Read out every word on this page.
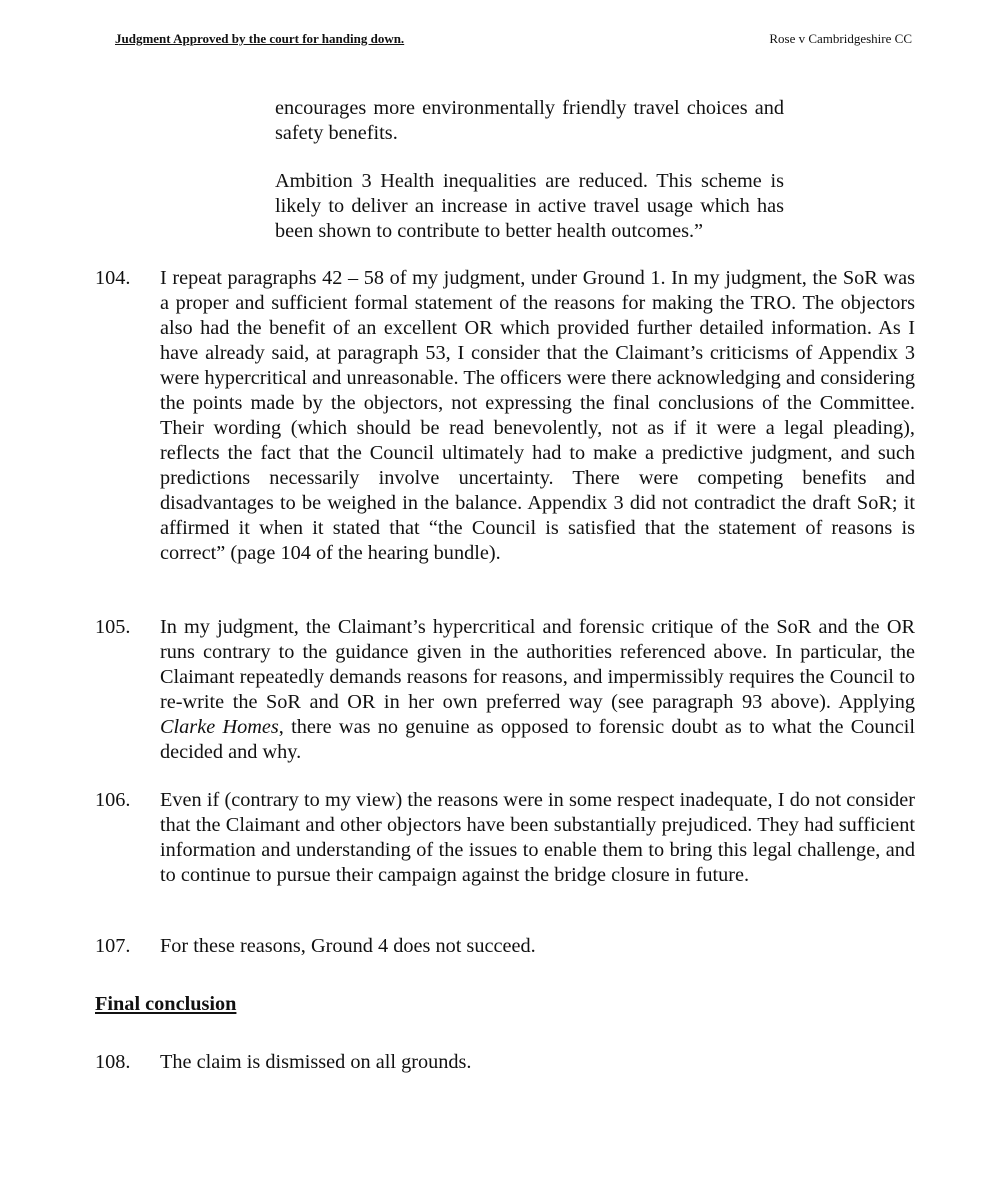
Judgment Approved by the court for handing down.	Rose v Cambridgeshire CC

encourages more environmentally friendly travel choices and safety benefits.

Ambition 3 Health inequalities are reduced. This scheme is likely to deliver an increase in active travel usage which has been shown to contribute to better health outcomes.”

104. I repeat paragraphs 42 – 58 of my judgment, under Ground 1. In my judgment, the SoR was a proper and sufficient formal statement of the reasons for making the TRO. The objectors also had the benefit of an excellent OR which provided further detailed information. As I have already said, at paragraph 53, I consider that the Claimant’s criticisms of Appendix 3 were hypercritical and unreasonable. The officers were there acknowledging and considering the points made by the objectors, not expressing the final conclusions of the Committee. Their wording (which should be read benevolently, not as if it were a legal pleading), reflects the fact that the Council ultimately had to make a predictive judgment, and such predictions necessarily involve uncertainty. There were competing benefits and disadvantages to be weighed in the balance. Appendix 3 did not contradict the draft SoR; it affirmed it when it stated that “the Council is satisfied that the statement of reasons is correct” (page 104 of the hearing bundle).
105. In my judgment, the Claimant’s hypercritical and forensic critique of the SoR and the OR runs contrary to the guidance given in the authorities referenced above. In particular, the Claimant repeatedly demands reasons for reasons, and impermissibly requires the Council to re-write the SoR and OR in her own preferred way (see paragraph 93 above). Applying Clarke Homes, there was no genuine as opposed to forensic doubt as to what the Council decided and why.
106. Even if (contrary to my view) the reasons were in some respect inadequate, I do not consider that the Claimant and other objectors have been substantially prejudiced. They had sufficient information and understanding of the issues to enable them to bring this legal challenge, and to continue to pursue their campaign against the bridge closure in future.
107. For these reasons, Ground 4 does not succeed.
Final conclusion
108. The claim is dismissed on all grounds.
